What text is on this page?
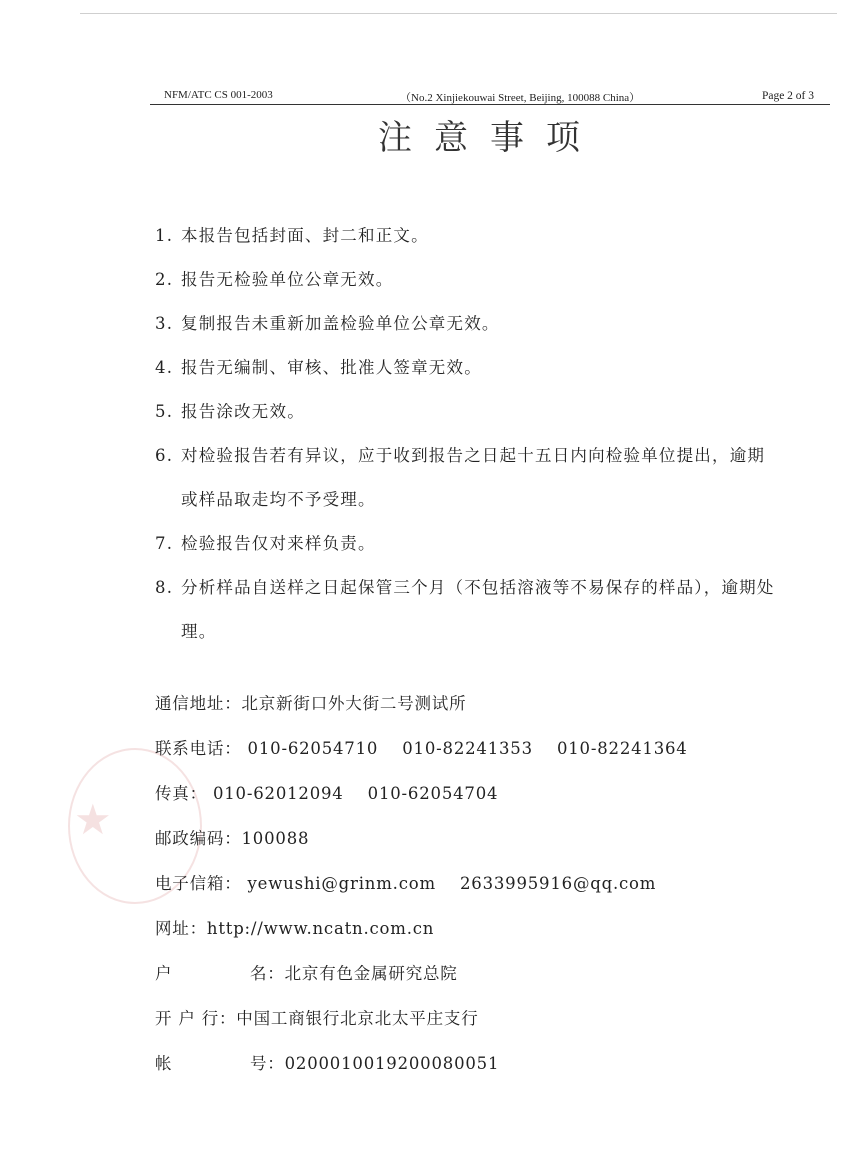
NFM/ATC CS 001-2003	（No.2 Xinjiekouwai Street, Beijing, 100088 China）	Page 2 of 3
注意事项
1. 本报告包括封面、封二和正文。
2. 报告无检验单位公章无效。
3. 复制报告未重新加盖检验单位公章无效。
4. 报告无编制、审核、批准人签章无效。
5. 报告涂改无效。
6. 对检验报告若有异议，应于收到报告之日起十五日内向检验单位提出，逾期
或样品取走均不予受理。
7. 检验报告仅对来样负责。
8. 分析样品自送样之日起保管三个月（不包括溶液等不易保存的样品），逾期处
理。
★
通信地址：北京新街口外大街二号测试所
联系电话： 010-62054710 010-82241353 010-82241364
传真： 010-62012094 010-62054704
邮政编码：100088
电子信箱： yewushi@grinm.com 2633995916@qq.com
网址：http://www.ncatn.com.cn
户	名：北京有色金属研究总院
开 户 行：中国工商银行北京北太平庄支行
帐	号：0200010019200080051
